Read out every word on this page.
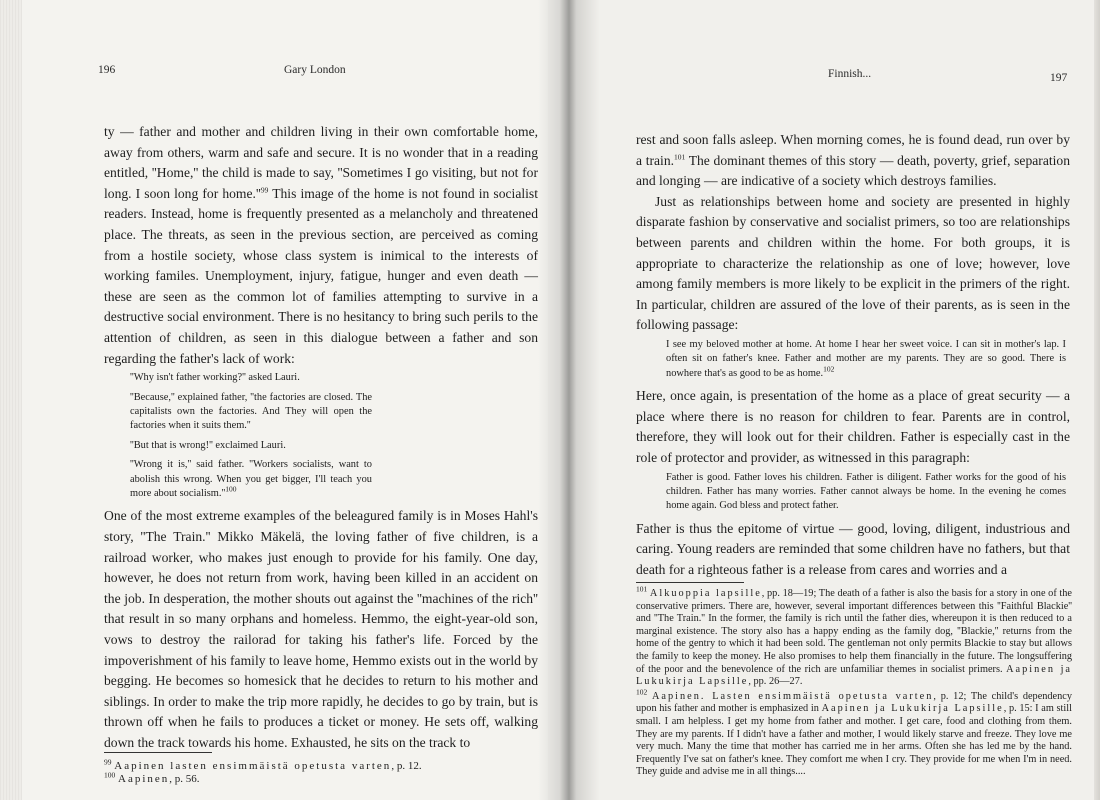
196	Gary London

ty — father and mother and children living in their own comfortable home, away from others, warm and safe and secure. It is no wonder that in a reading entitled, ''Home,'' the child is made to say, ''Sometimes I go visiting, but not for long. I soon long for $home.''^{99}$ This image of the home is not found in socialist readers. Instead, home is frequently presented as a melancholy and threatened place. The threats, as seen in the previous section, are perceived as coming from a hostile society, whose class system is inimical to the interests of working familes. Unemployment, injury, fatigue, hunger and even death — these are seen as the common lot of families attempting to survive in a destructive social environment. There is no hesitancy to bring such perils to the attention of children, as seen in this dialogue between a father and son regarding the father's lack of work:

''Why isn't father working?'' asked Lauri.

''Because,'' explained father, ''the factories are closed. The capitalists own the factories. And They will open the factories when it suits them.''

''But that is wrong!'' exclaimed Lauri.

''Wrong it is,'' said father. ''Workers socialists, want to abolish this wrong. When you get bigger, I'll teach you more about $socialism.''^{100}$

One of the most extreme examples of the beleagured family is in Moses Hahl's story, ''The Train.'' Mikko Mäkelä, the loving father of five children, is a railroad worker, who makes just enough to provide for his family. One day, however, he does not return from work, having been killed in an accident on the job. In desperation, the mother shouts out against the ''machines of the rich'' that result in so many orphans and homeless. Hemmo, the eight-year-old son, vows to destroy the railorad for taking his father's life. Forced by the impoverishment of his family to leave home, Hemmo exists out in the world by begging. He becomes so homesick that he decides to return to his mother and siblings. In order to make the trip more rapidly, he decides to go by train, but is thrown off when he fails to produces a ticket or money. He sets off, walking down the track towards his home. Exhausted, he sits on the track to

$^{99}$ Aapinen lasten ensimmäistä opetusta varten, p. 12.

$^{100}$ Aapinen, p. 56.

Finnish...	197

rest and soon falls asleep. When morning comes, he is found dead, run over by a train.$^{101}$ The dominant themes of this story — death, poverty, grief, separation and longing — are indicative of a society which destroys families.

Just as relationships between home and society are presented in highly disparate fashion by conservative and socialist primers, so too are relationships between parents and children within the home. For both groups, it is appropriate to characterize the relationship as one of love; however, love among family members is more likely to be explicit in the primers of the right. In particular, children are assured of the love of their parents, as is seen in the following passage:

I see my beloved mother at home. At home I hear her sweet voice. I can sit in mother's lap. I often sit on father's knee. Father and mother are my parents. They are so good. There is nowhere that's as good to be as home.$^{102}$

Here, once again, is presentation of the home as a place of great security — a place where there is no reason for children to fear. Parents are in control, therefore, they will look out for their children. Father is especially cast in the role of protector and provider, as witnessed in this paragraph:

Father is good. Father loves his children. Father is diligent. Father works for the good of his children. Father has many worries. Father cannot always be home. In the evening he comes home again. God bless and protect father.

Father is thus the epitome of virtue — good, loving, diligent, industrious and caring. Young readers are reminded that some children have no fathers, but that death for a righteous father is a release from cares and worries and a

$^{101}$ Alkuoppia lapsille, pp. 18—19; The death of a father is also the basis for a story in one of the conservative primers. There are, however, several important differences between this ''Faithful Blackie'' and ''The Train.'' In the former, the family is rich until the father dies, whereupon it is then reduced to a marginal existence. The story also has a happy ending as the family dog, ''Blackie,'' returns from the home of the gentry to which it had been sold. The gentleman not only permits Blackie to stay but allows the family to keep the money. He also promises to help them financially in the future. The longsuffering of the poor and the benevolence of the rich are unfamiliar themes in socialist primers. Aapinen ja Lukukirja Lapsille, pp. 26—27.

$^{102}$ Aapinen. Lasten ensimmäistä opetusta varten, p. 12; The child's dependency upon his father and mother is emphasized in Aapinen ja Lukukirja Lapsille, p. 15: I am still small. I am helpless. I get my home from father and mother. I get care, food and clothing from them. They are my parents. If I didn't have a father and mother, I would likely starve and freeze. They love me very much. Many the time that mother has carried me in her arms. Often she has led me by the hand. Frequently I've sat on father's knee. They comfort me when I cry. They provide for me when I'm in need. They guide and advise me in all things....
